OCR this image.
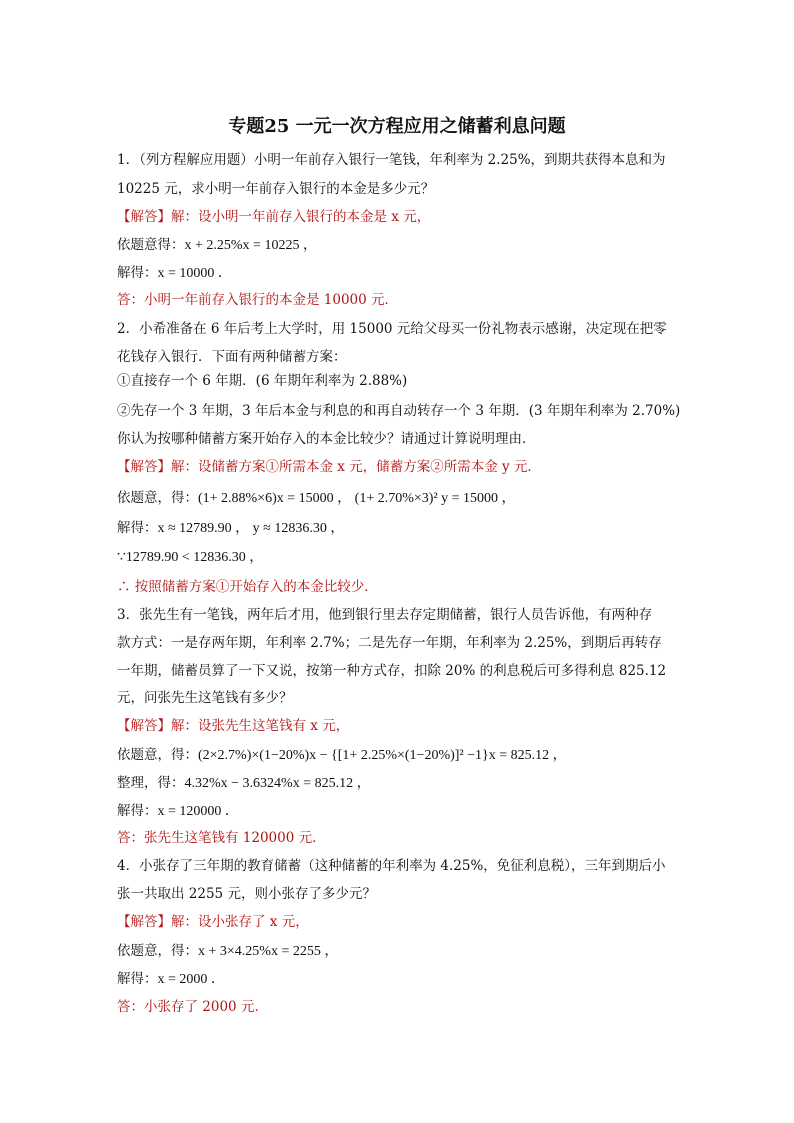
专题25 一元一次方程应用之储蓄利息问题
1．（列方程解应用题）小明一年前存入银行一笔钱，年利率为 2.25%，到期共获得本息和为
10225 元，求小明一年前存入银行的本金是多少元？
【解答】解：设小明一年前存入银行的本金是 x 元，
依题意得：x + 2.25%x = 10225 ，
解得：x = 10000 ．
答：小明一年前存入银行的本金是 10000 元．
2．小希准备在 6 年后考上大学时，用 15000 元给父母买一份礼物表示感谢，决定现在把零
花钱存入银行．下面有两种储蓄方案：
①直接存一个 6 年期．(6 年期年利率为 2.88%)
②先存一个 3 年期，3 年后本金与利息的和再自动转存一个 3 年期．(3 年期年利率为 2.70%)
你认为按哪种储蓄方案开始存入的本金比较少？请通过计算说明理由．
【解答】解：设储蓄方案①所需本金 x 元，储蓄方案②所需本金 y 元．
依题意，得：(1+ 2.88%×6)x = 15000 ， (1+ 2.70%×3)² y = 15000 ，
解得：x ≈ 12789.90 ， y ≈ 12836.30 ，
∵12789.90 < 12836.30 ，
∴ 按照储蓄方案①开始存入的本金比较少．
3．张先生有一笔钱，两年后才用，他到银行里去存定期储蓄，银行人员告诉他，有两种存
款方式：一是存两年期，年利率 2.7%；二是先存一年期，年利率为 2.25%，到期后再转存
一年期，储蓄员算了一下又说，按第一种方式存，扣除 20% 的利息税后可多得利息 825.12
元，问张先生这笔钱有多少？
【解答】解：设张先生这笔钱有 x 元，
依题意，得：(2×2.7%)×(1−20%)x − {[1+ 2.25%×(1−20%)]² −1}x = 825.12 ，
整理，得：4.32%x − 3.6324%x = 825.12 ，
解得：x = 120000 ．
答：张先生这笔钱有 120000 元．
4．小张存了三年期的教育储蓄（这种储蓄的年利率为 4.25%，免征利息税），三年到期后小
张一共取出 2255 元，则小张存了多少元？
【解答】解：设小张存了 x 元，
依题意，得：x + 3×4.25%x = 2255 ，
解得：x = 2000 ．
答：小张存了 2000 元．
